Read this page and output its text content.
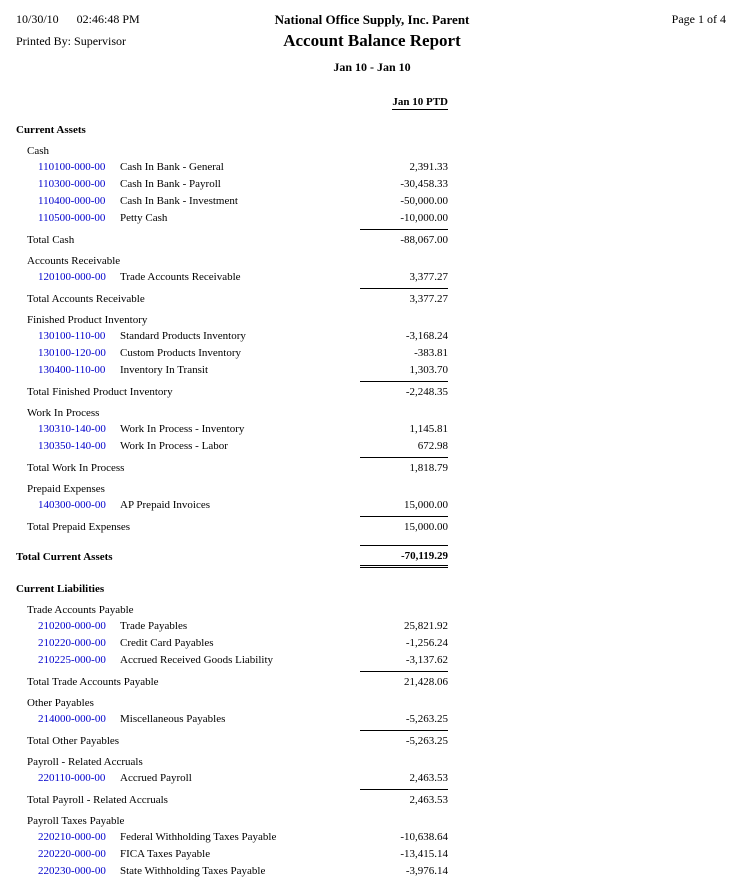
10/30/10 02:46:48 PM
Printed By: Supervisor
National Office Supply, Inc. Parent
Account Balance Report
Jan 10 - Jan 10
Page 1 of 4
Jan 10 PTD
Current Assets
Cash
110100-000-00 Cash In Bank - General	2,391.33
110300-000-00 Cash In Bank - Payroll	-30,458.33
110400-000-00 Cash In Bank - Investment	-50,000.00
110500-000-00 Petty Cash	-10,000.00
Total Cash	-88,067.00
Accounts Receivable
120100-000-00 Trade Accounts Receivable	3,377.27
Total Accounts Receivable	3,377.27
Finished Product Inventory
130100-110-00 Standard Products Inventory	-3,168.24
130100-120-00 Custom Products Inventory	-383.81
130400-110-00 Inventory In Transit	1,303.70
Total Finished Product Inventory	-2,248.35
Work In Process
130310-140-00 Work In Process - Inventory	1,145.81
130350-140-00 Work In Process - Labor	672.98
Total Work In Process	1,818.79
Prepaid Expenses
140300-000-00 AP Prepaid Invoices	15,000.00
Total Prepaid Expenses	15,000.00
Total Current Assets	-70,119.29
Current Liabilities
Trade Accounts Payable
210200-000-00 Trade Payables	25,821.92
210220-000-00 Credit Card Payables	-1,256.24
210225-000-00 Accrued Received Goods Liability	-3,137.62
Total Trade Accounts Payable	21,428.06
Other Payables
214000-000-00 Miscellaneous Payables	-5,263.25
Total Other Payables	-5,263.25
Payroll - Related Accruals
220110-000-00 Accrued Payroll	2,463.53
Total Payroll - Related Accruals	2,463.53
Payroll Taxes Payable
220210-000-00 Federal Withholding Taxes Payable	-10,638.64
220220-000-00 FICA Taxes Payable	-13,415.14
220230-000-00 State Withholding Taxes Payable	-3,976.14
